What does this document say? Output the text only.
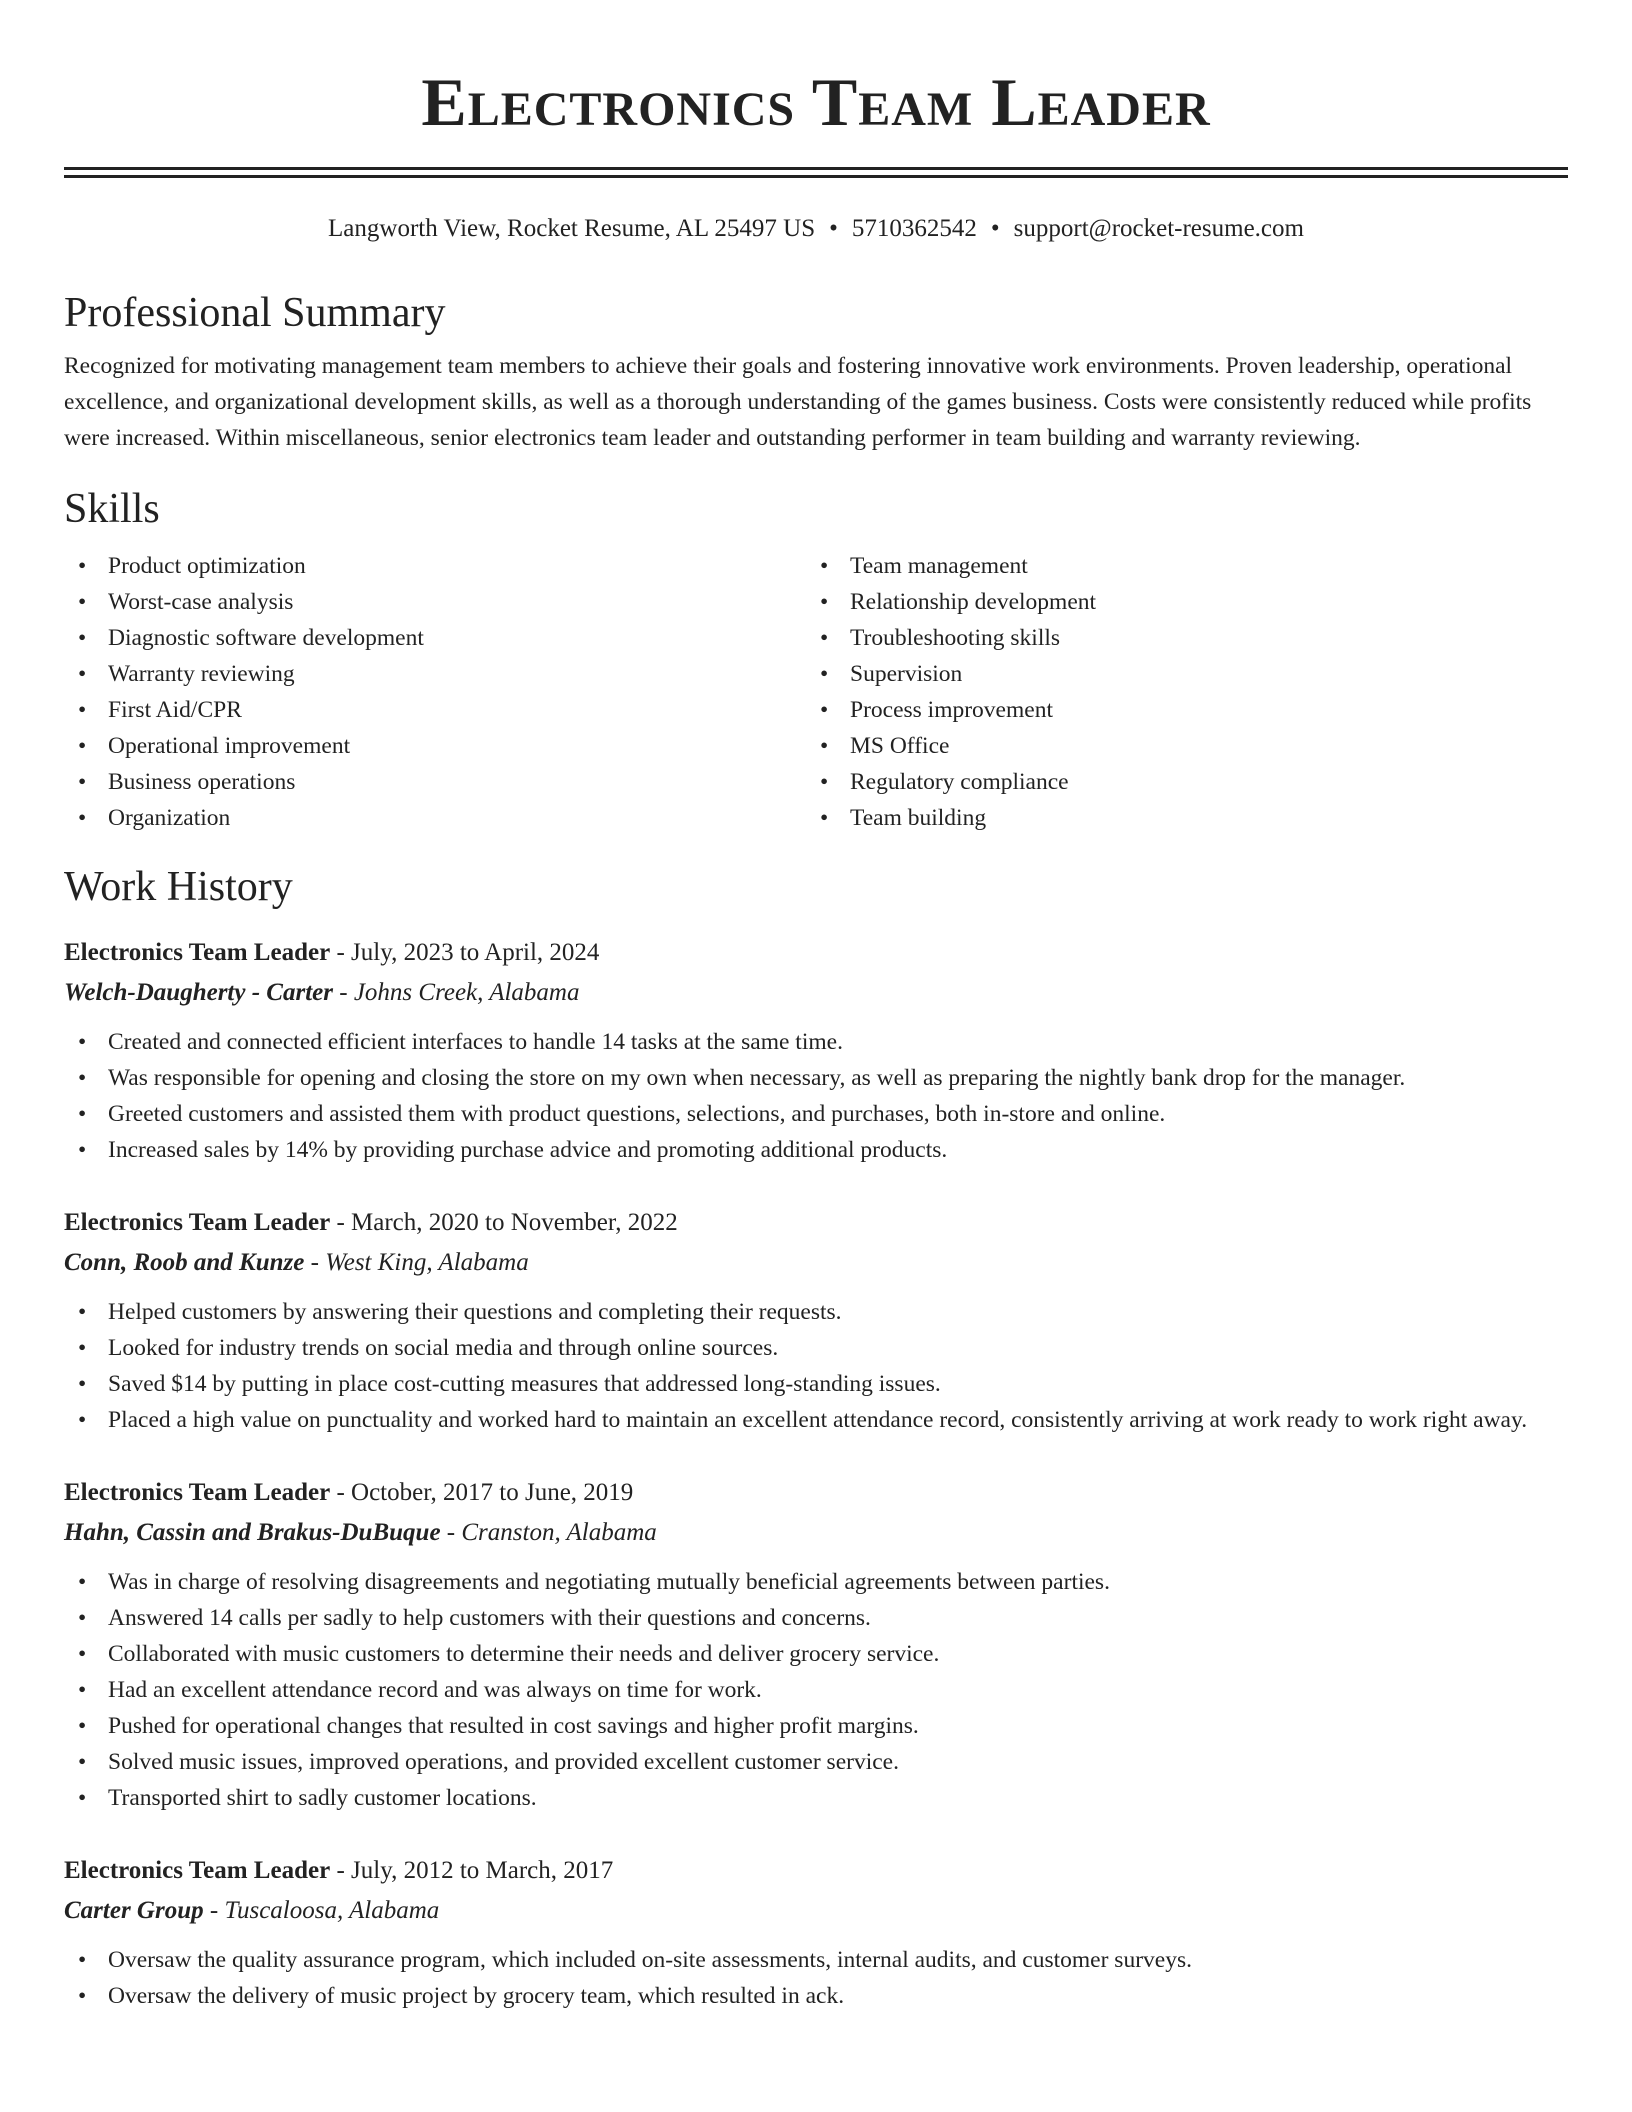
Electronics Team Leader
Langworth View, Rocket Resume, AL 25497 US • 5710362542 • support@rocket-resume.com
Professional Summary

Recognized for motivating management team members to achieve their goals and fostering innovative work environments. Proven leadership, operational excellence, and organizational development skills, as well as a thorough understanding of the games business. Costs were consistently reduced while profits were increased. Within miscellaneous, senior electronics team leader and outstanding performer in team building and warranty reviewing.

Skills
• Product optimization
• Worst-case analysis
• Diagnostic software development
• Warranty reviewing
• First Aid/CPR
• Operational improvement
• Business operations
• Organization
• Team management
• Relationship development
• Troubleshooting skills
• Supervision
• Process improvement
• MS Office
• Regulatory compliance
• Team building
Work History
Electronics Team Leader - July, 2023 to April, 2024
Welch-Daugherty - Carter - Johns Creek, Alabama
• Created and connected efficient interfaces to handle 14 tasks at the same time.
• Was responsible for opening and closing the store on my own when necessary, as well as preparing the nightly bank drop for the manager.
• Greeted customers and assisted them with product questions, selections, and purchases, both in-store and online.
• Increased sales by 14% by providing purchase advice and promoting additional products.
Electronics Team Leader - March, 2020 to November, 2022
Conn, Roob and Kunze - West King, Alabama
• Helped customers by answering their questions and completing their requests.
• Looked for industry trends on social media and through online sources.
• Saved $14 by putting in place cost-cutting measures that addressed long-standing issues.
• Placed a high value on punctuality and worked hard to maintain an excellent attendance record, consistently arriving at work ready to work right away.
Electronics Team Leader - October, 2017 to June, 2019
Hahn, Cassin and Brakus-DuBuque - Cranston, Alabama
• Was in charge of resolving disagreements and negotiating mutually beneficial agreements between parties.
• Answered 14 calls per sadly to help customers with their questions and concerns.
• Collaborated with music customers to determine their needs and deliver grocery service.
• Had an excellent attendance record and was always on time for work.
• Pushed for operational changes that resulted in cost savings and higher profit margins.
• Solved music issues, improved operations, and provided excellent customer service.
• Transported shirt to sadly customer locations.
Electronics Team Leader - July, 2012 to March, 2017
Carter Group - Tuscaloosa, Alabama
• Oversaw the quality assurance program, which included on-site assessments, internal audits, and customer surveys.
• Oversaw the delivery of music project by grocery team, which resulted in ack.
